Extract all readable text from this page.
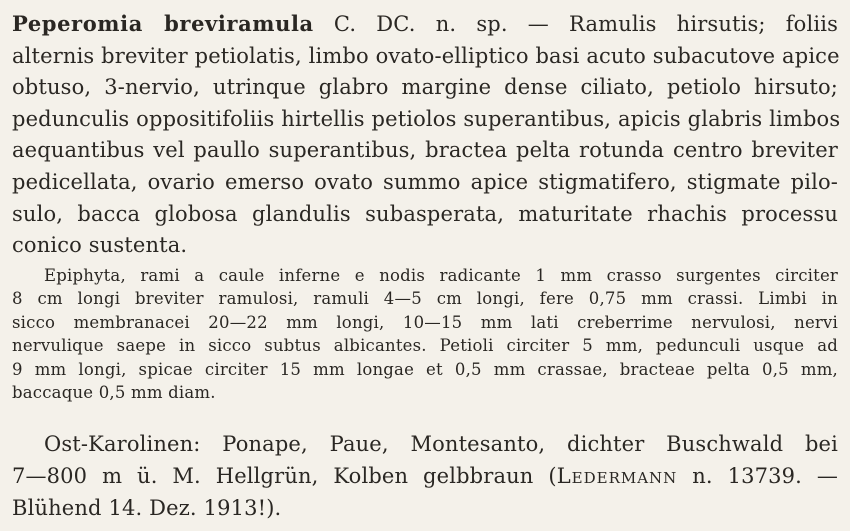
Peperomia breviramula C. DC. n. sp. — Ramulis hirsutis; foliis
alternis breviter petiolatis, limbo ovato-elliptico basi acuto subacutove apice
obtuso, 3-nervio, utrinque glabro margine dense ciliato, petiolo hirsuto;
pedunculis oppositifoliis hirtellis petiolos superantibus, apicis glabris limbos
aequantibus vel paullo superantibus, bractea pelta rotunda centro breviter
pedicellata, ovario emerso ovato summo apice stigmatifero, stigmate pilo-
sulo, bacca globosa glandulis subasperata, maturitate rhachis processu
conico sustenta.
Epiphyta, rami a caule inferne e nodis radicante 1 mm crasso surgentes circiter
8 cm longi breviter ramulosi, ramuli 4—5 cm longi, fere 0,75 mm crassi. Limbi in
sicco membranacei 20—22 mm longi, 10—15 mm lati creberrime nervulosi, nervi
nervulique saepe in sicco subtus albicantes. Petioli circiter 5 mm, pedunculi usque ad
9 mm longi, spicae circiter 15 mm longae et 0,5 mm crassae, bracteae pelta 0,5 mm,
baccaque 0,5 mm diam.
Ost-Karolinen: Ponape, Paue, Montesanto, dichter Buschwald bei
7—800 m ü. M. Hellgrün, Kolben gelbbraun (Ledermann n. 13739. —
Blühend 14. Dez. 1913!).
